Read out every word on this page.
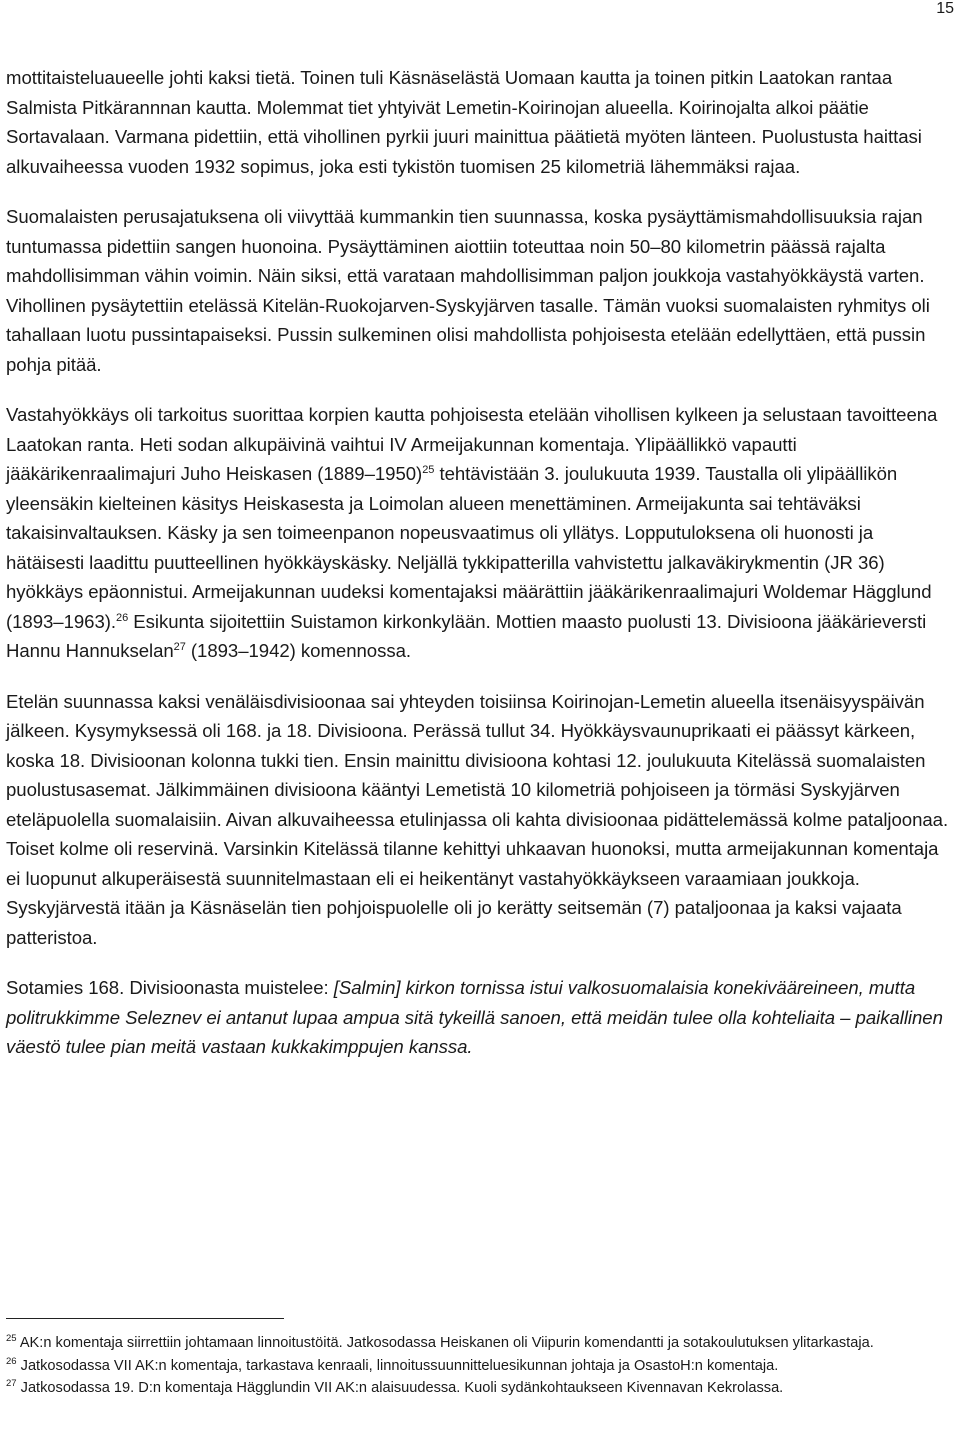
15

mottitaisteluaueelle johti kaksi tietä. Toinen tuli Käsnäselästä Uomaan kautta ja toinen pitkin Laatokan rantaa Salmista Pitkärannnan kautta. Molemmat tiet yhtyivät Lemetin-Koirinojan alueella. Koirinojalta alkoi päätie Sortavalaan. Varmana pidettiin, että vihollinen pyrkii juuri mainittua päätietä myöten länteen. Puolustusta haittasi alkuvaiheessa vuoden 1932 sopimus, joka esti tykistön tuomisen 25 kilometriä lähemmäksi rajaa.

Suomalaisten perusajatuksena oli viivyttää kummankin tien suunnassa, koska pysäyttämismahdollisuuksia rajan tuntumassa pidettiin sangen huonoina. Pysäyttäminen aiottiin toteuttaa noin 50–80 kilometrin päässä rajalta mahdollisimman vähin voimin. Näin siksi, että varataan mahdollisimman paljon joukkoja vastahyökkäystä varten. Vihollinen pysäytettiin etelässä Kitelän-Ruokojarven-Syskyjärven tasalle. Tämän vuoksi suomalaisten ryhmitys oli tahallaan luotu pussintapaiseksi. Pussin sulkeminen olisi mahdollista pohjoisesta etelään edellyttäen, että pussin pohja pitää.

Vastahyökkäys oli tarkoitus suorittaa korpien kautta pohjoisesta etelään vihollisen kylkeen ja selustaan tavoitteena Laatokan ranta. Heti sodan alkupäivinä vaihtui IV Armeijakunnan komentaja. Ylipäällikkö vapautti jääkärikenraalimajuri Juho Heiskasen (1889–1950)$^{25}$ tehtävistään 3. joulukuuta 1939. Taustalla oli ylipäällikön yleensäkin kielteinen käsitys Heiskasesta ja Loimolan alueen menettäminen. Armeijakunta sai tehtäväksi takaisinvaltauksen. Käsky ja sen toimeenpanon nopeusvaatimus oli yllätys. Lopputuloksena oli huonosti ja hätäisesti laadittu puutteellinen hyökkäyskäsky. Neljällä tykkipatterilla vahvistettu jalkaväkirykmentin (JR 36) hyökkäys epäonnistui. Armeijakunnan uudeksi komentajaksi määrättiin jääkärikenraalimajuri Woldemar Hägglund (1893–1963).$^{26}$ Esikunta sijoitettiin Suistamon kirkonkylään. Mottien maasto puolusti 13. Divisioona jääkärieversti Hannu Hannukselan$^{27}$ (1893–1942) komennossa.

Etelän suunnassa kaksi venäläisdivisioonaa sai yhteyden toisiinsa Koirinojan-Lemetin alueella itsenäisyyspäivän jälkeen. Kysymyksessä oli 168. ja 18. Divisioona. Perässä tullut 34. Hyökkäysvaunuprikaati ei päässyt kärkeen, koska 18. Divisioonan kolonna tukki tien. Ensin mainittu divisioona kohtasi 12. joulukuuta Kitelässä suomalaisten puolustusasemat. Jälkimmäinen divisioona kääntyi Lemetistä 10 kilometriä pohjoiseen ja törmäsi Syskyjärven eteläpuolella suomalaisiin. Aivan alkuvaiheessa etulinjassa oli kahta divisioonaa pidättelemässä kolme pataljoonaa. Toiset kolme oli reservinä. Varsinkin Kitelässä tilanne kehittyi uhkaavan huonoksi, mutta armeijakunnan komentaja ei luopunut alkuperäisestä suunnitelmastaan eli ei heikentänyt vastahyökkäykseen varaamiaan joukkoja. Syskyjärvestä itään ja Käsnäselän tien pohjoispuolelle oli jo kerätty seitsemän (7) pataljoonaa ja kaksi vajaata patteristoa.

Sotamies 168. Divisioonasta muistelee: [Salmin] kirkon tornissa istui valkosuomalaisia konekivääreineen, mutta politrukkimme Seleznev ei antanut lupaa ampua sitä tykeillä sanoen, että meidän tulee olla kohteliaita – paikallinen väestö tulee pian meitä vastaan kukkakimppujen kanssa.

$^{25}$ AK:n komentaja siirrettiin johtamaan linnoitustöitä. Jatkosodassa Heiskanen oli Viipurin komendantti ja sotakoulutuksen ylitarkastaja.
$^{26}$ Jatkosodassa VII AK:n komentaja, tarkastava kenraali, linnoitussuunnitteluesikunnan johtaja ja OsastoH:n komentaja.
$^{27}$ Jatkosodassa 19. D:n komentaja Hägglundin VII AK:n alaisuudessa. Kuoli sydänkohtaukseen Kivennavan Kekrolassa.
